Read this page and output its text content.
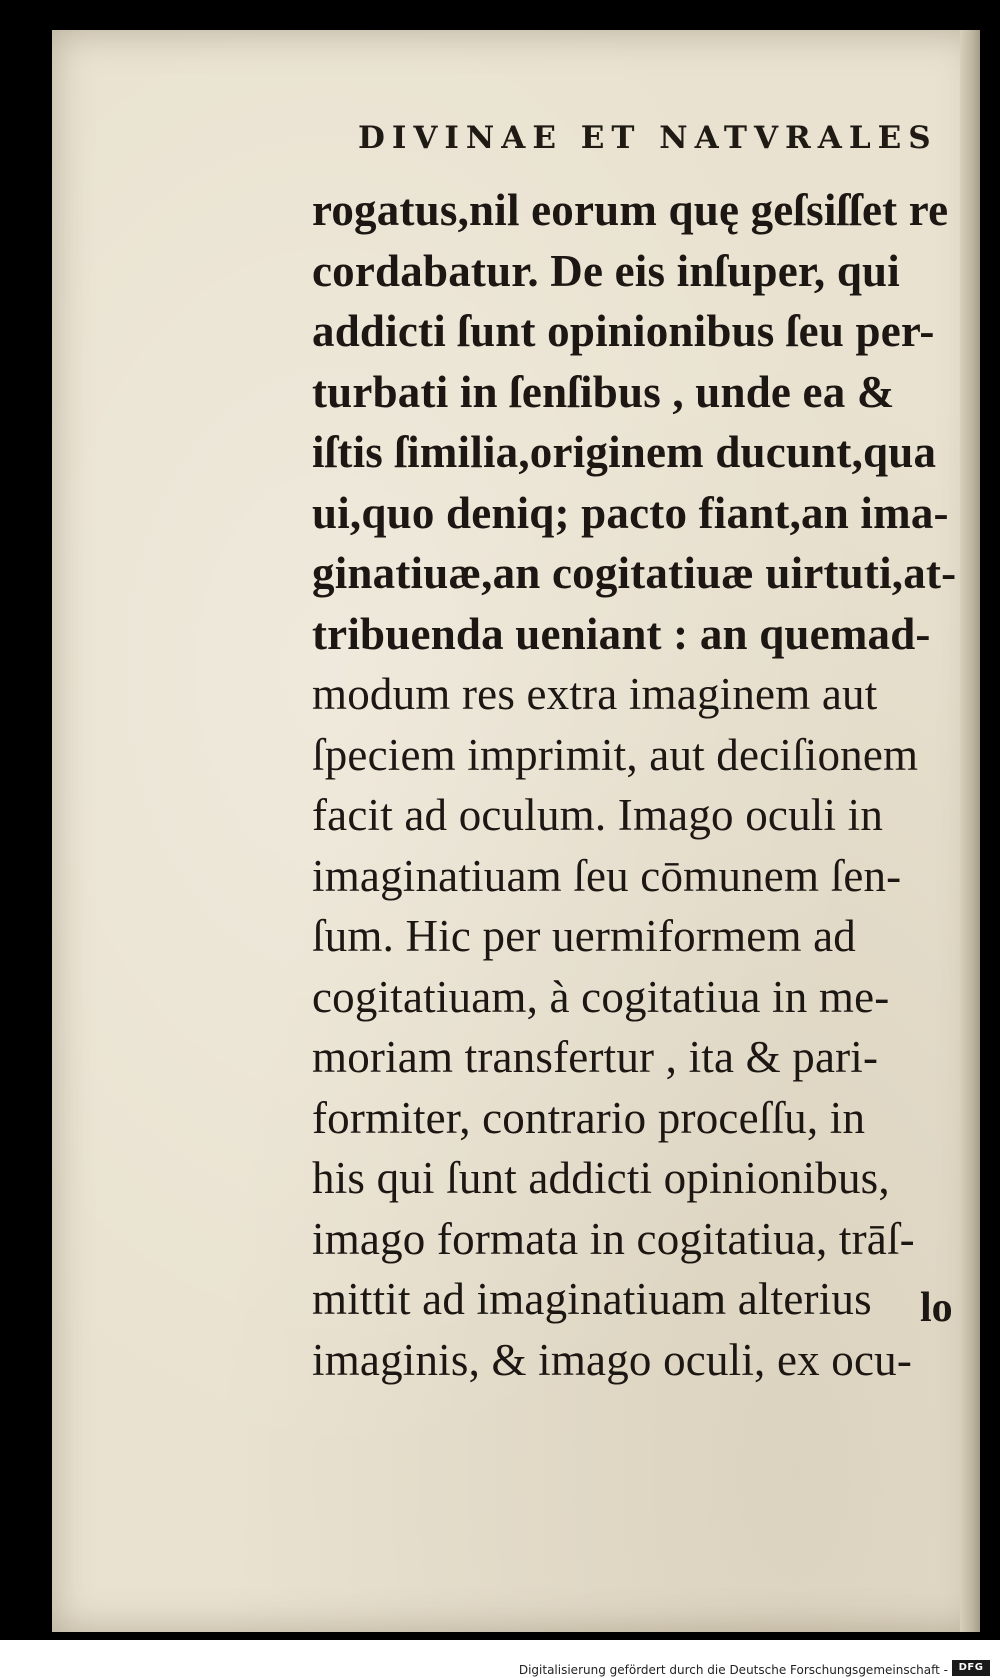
DIVINAE ET NATVRALES
rogatus,nil eorum quę geſsiſſet re
cordabatur. De eis inſuper, qui
addicti ſunt opinionibus ſeu per-
turbati in ſenſibus , unde ea &
iſtis ſimilia,originem ducunt,qua
ui,quo deniq; pacto fiant,an ima-
ginatiuæ,an cogitatiuæ uirtuti,at-
tribuenda ueniant : an quemad-
modum res extra imaginem aut
ſpeciem imprimit, aut deciſionem
facit ad oculum. Imago oculi in
imaginatiuam ſeu cōmunem ſen-
ſum. Hic per uermiformem ad
cogitatiuam, à cogitatiua in me-
moriam transfertur , ita & pari-
formiter, contrario proceſſu, in
his qui ſunt addicti opinionibus,
imago formata in cogitatiua, trāſ-
mittit ad imaginatiuam alterius
imaginis, & imago oculi, ex ocu-
lo
Digitalisierung gefördert durch die Deutsche Forschungsgemeinschaft -	DFG
